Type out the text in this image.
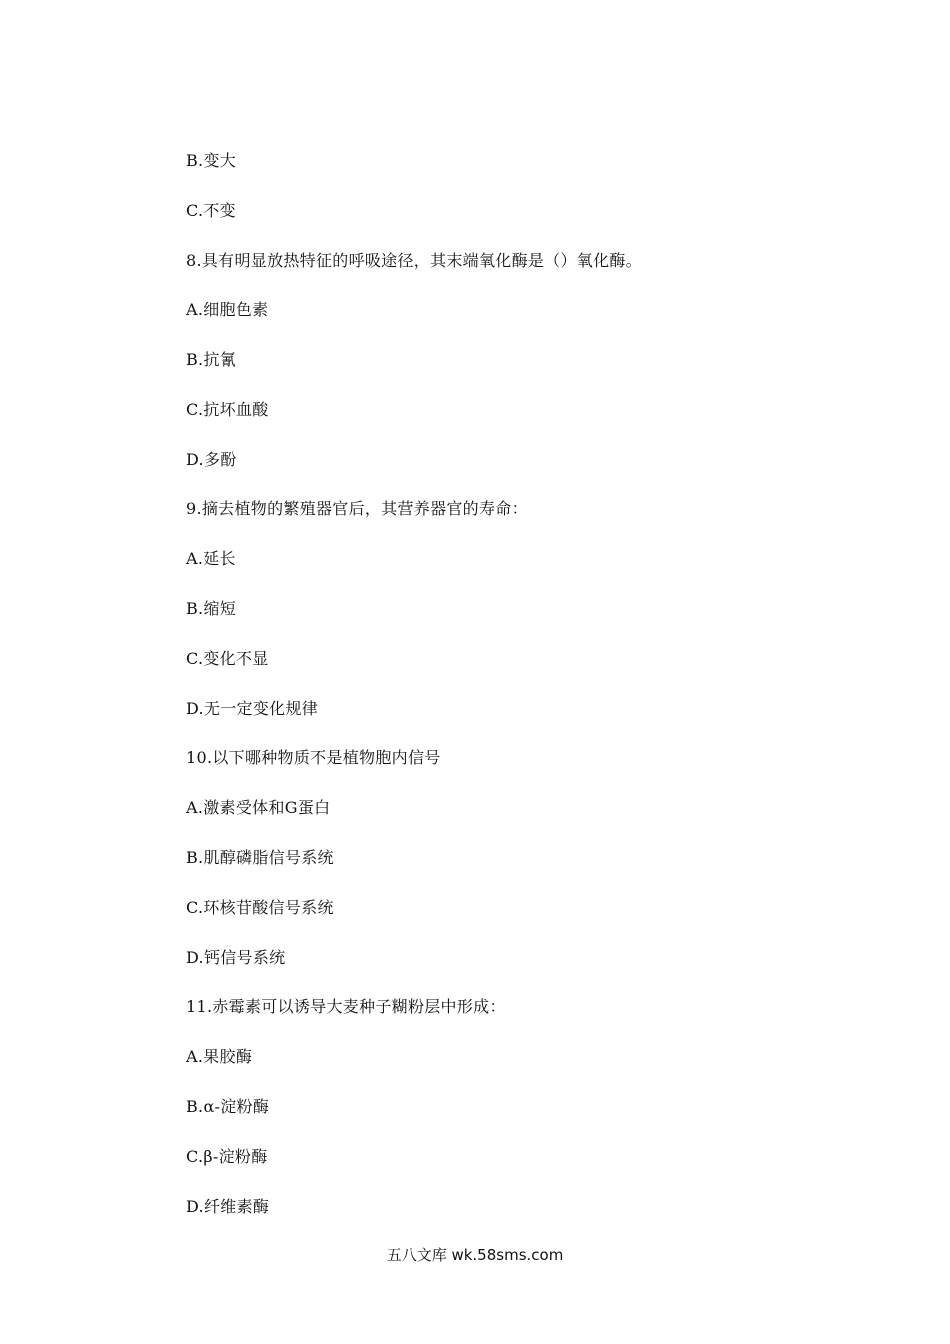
B.变大
C.不变
8.具有明显放热特征的呼吸途径，其末端氧化酶是（）氧化酶。
A.细胞色素
B.抗氰
C.抗坏血酸
D.多酚
9.摘去植物的繁殖器官后，其营养器官的寿命：
A.延长
B.缩短
C.变化不显
D.无一定变化规律
10.以下哪种物质不是植物胞内信号
A.激素受体和G蛋白
B.肌醇磷脂信号系统
C.环核苷酸信号系统
D.钙信号系统
11.赤霉素可以诱导大麦种子糊粉层中形成：
A.果胶酶
B.α-淀粉酶
C.β-淀粉酶
D.纤维素酶
五八文库 wk.58sms.com
